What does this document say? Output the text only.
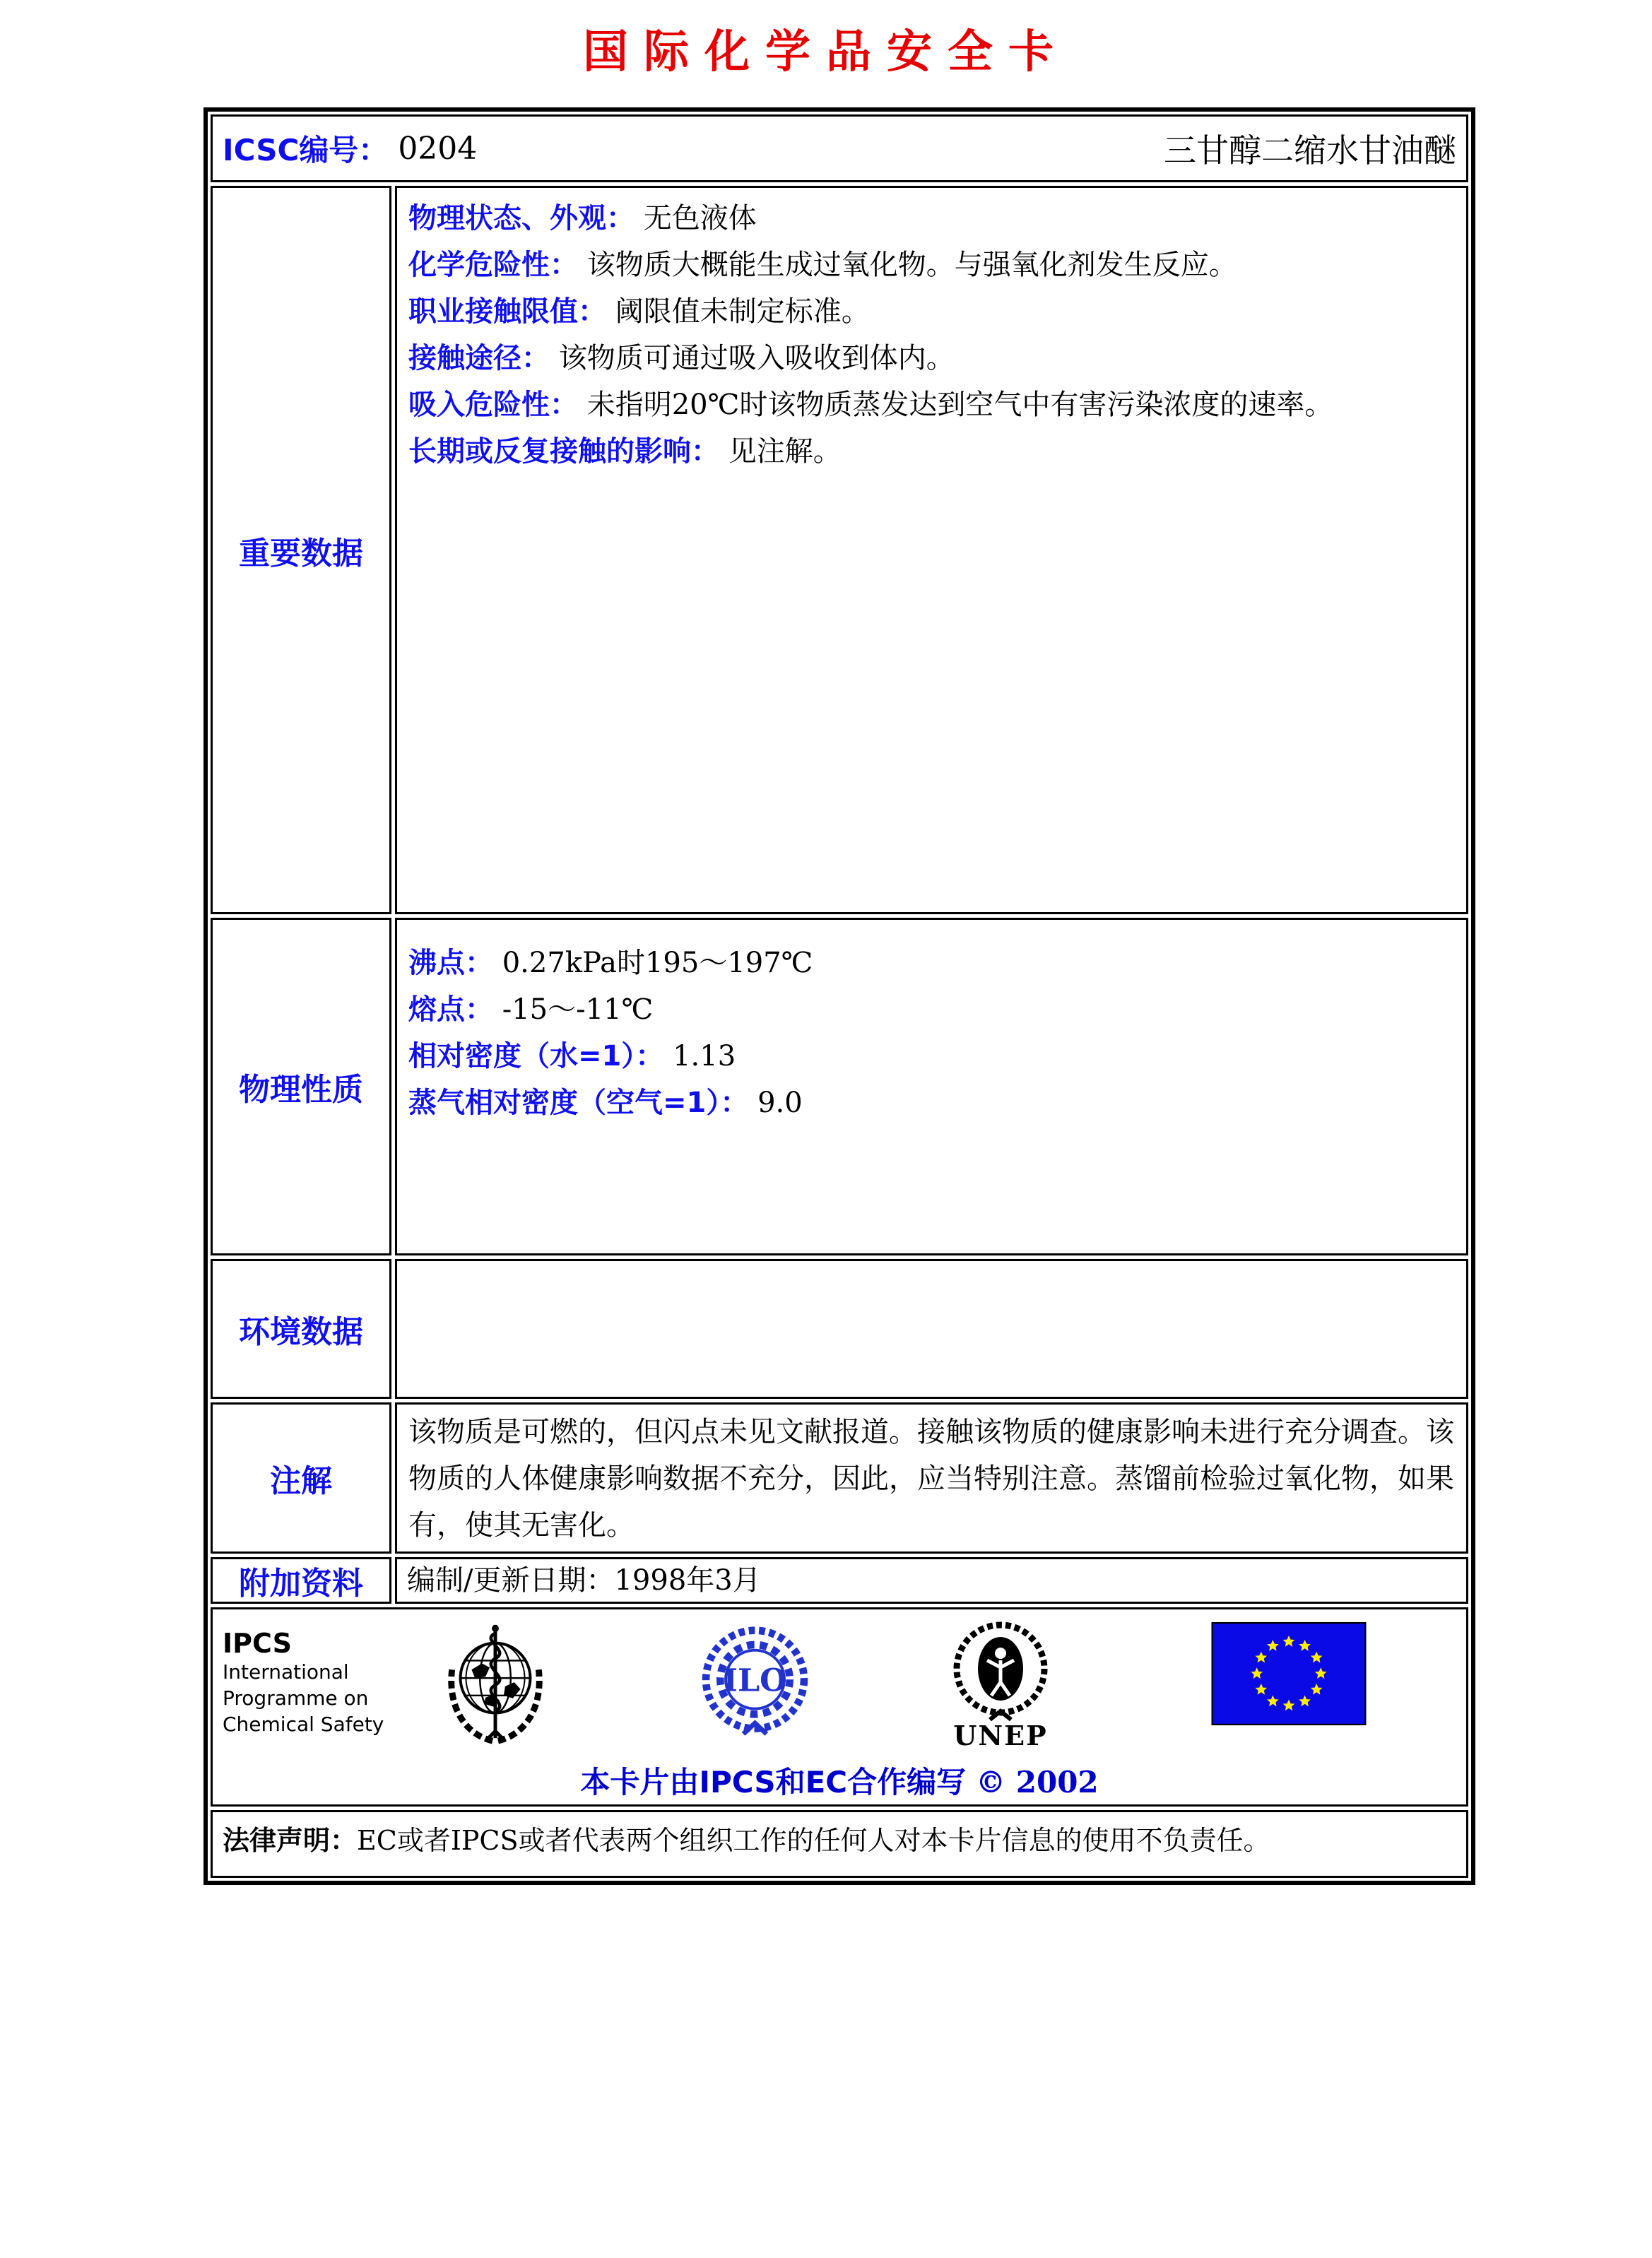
国际化学品安全卡
ICSC编号： 0204	三甘醇二缩水甘油醚
重要数据
物理状态、外观： 无色液体
化学危险性： 该物质大概能生成过氧化物。与强氧化剂发生反应。
职业接触限值： 阈限值未制定标准。
接触途径： 该物质可通过吸入吸收到体内。
吸入危险性： 未指明20℃时该物质蒸发达到空气中有害污染浓度的速率。
长期或反复接触的影响： 见注解。
物理性质
沸点： 0.27kPa时195～197℃
熔点： -15～-11℃
相对密度（水=1）： 1.13
蒸气相对密度（空气=1）： 9.0
环境数据
注解
该物质是可燃的，但闪点未见文献报道。接触该物质的健康影响未进行充分调查。该物质的人体健康影响数据不充分，因此，应当特别注意。蒸馏前检验过氧化物，如果有，使其无害化。
附加资料	编制/更新日期：1998年3月
IPCS
International
Programme on
Chemical Safety
ILO
UNEP
本卡片由IPCS和EC合作编写 © 2002
法律声明：EC或者IPCS或者代表两个组织工作的任何人对本卡片信息的使用不负责任。
